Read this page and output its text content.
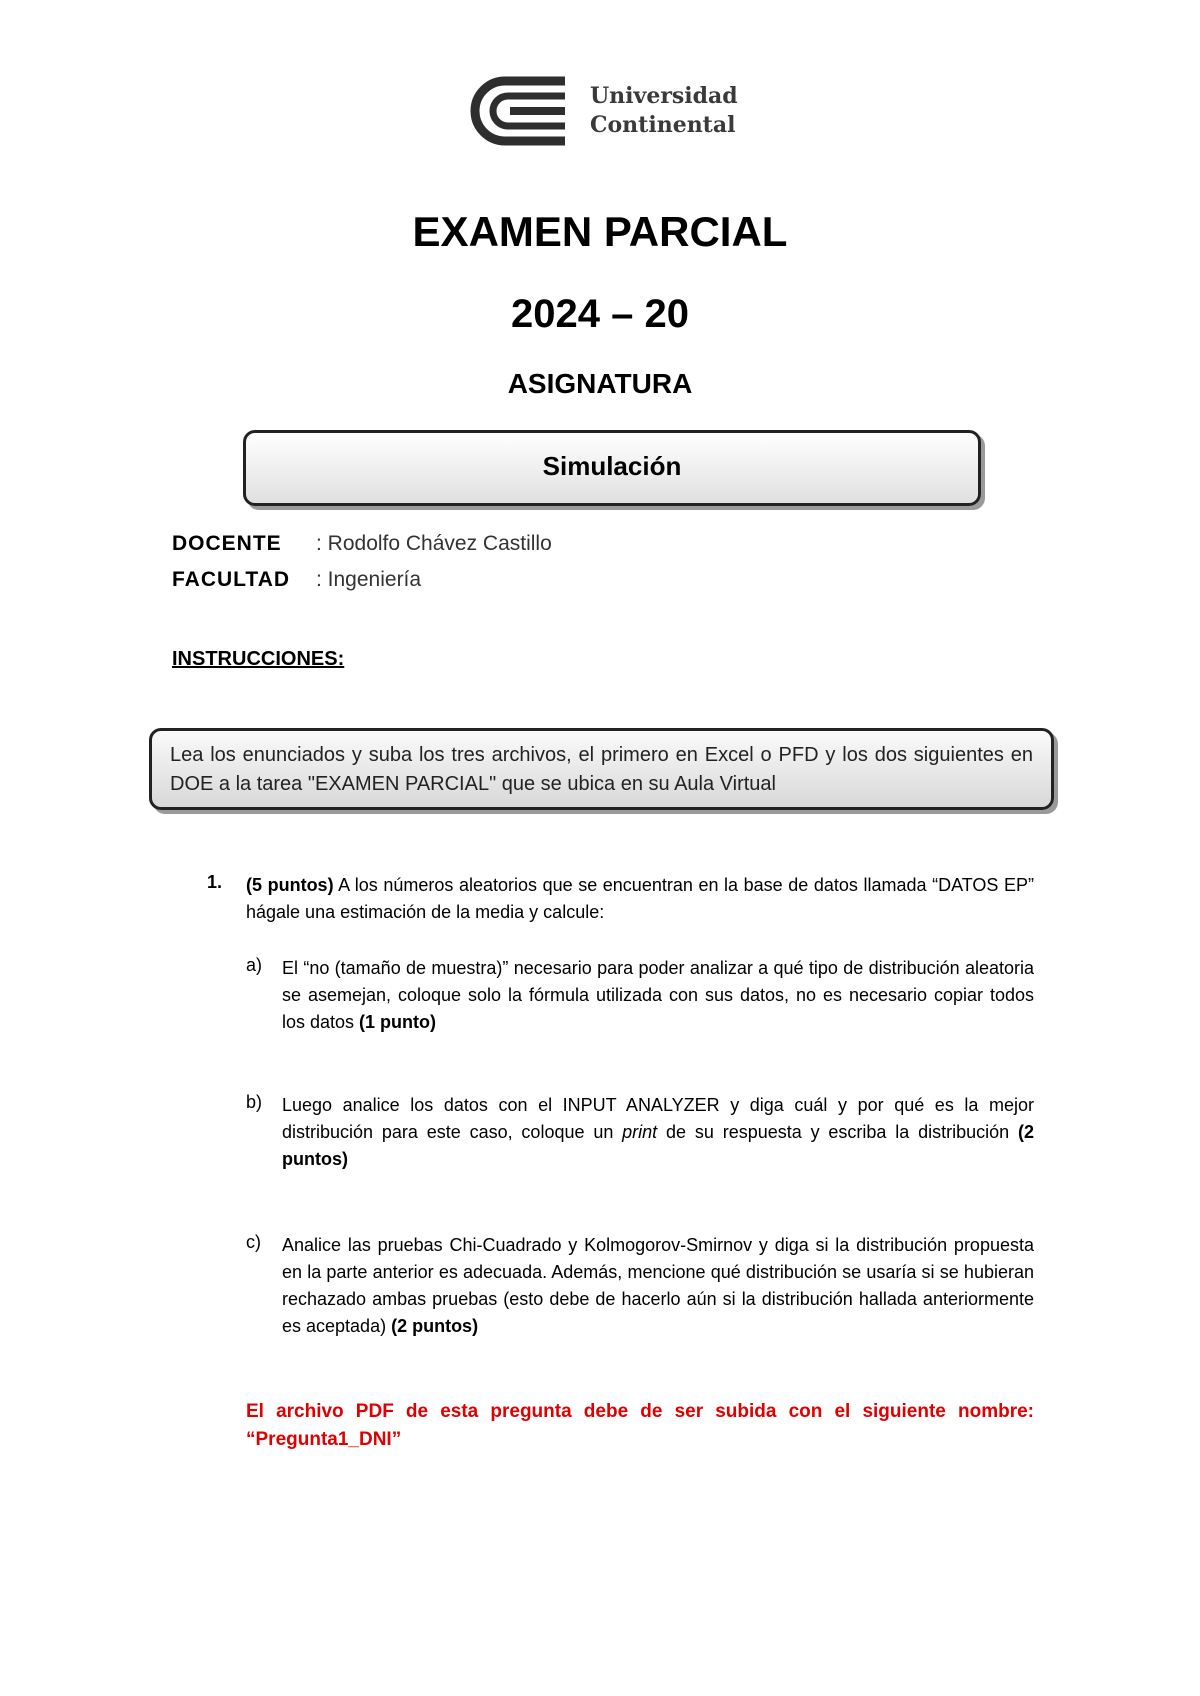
Universidad
Continental
EXAMEN PARCIAL
2024 – 20
ASIGNATURA
Simulación
DOCENTE : Rodolfo Chávez Castillo
FACULTAD : Ingeniería
INSTRUCCIONES:
Lea los enunciados y suba los tres archivos, el primero en Excel o PFD y los dos siguientes en DOE a la tarea "EXAMEN PARCIAL" que se ubica en su Aula Virtual
1. (5 puntos) A los números aleatorios que se encuentran en la base de datos llamada “DATOS EP” hágale una estimación de la media y calcule:
a) El “no (tamaño de muestra)” necesario para poder analizar a qué tipo de distribución aleatoria se asemejan, coloque solo la fórmula utilizada con sus datos, no es necesario copiar todos los datos (1 punto)
b) Luego analice los datos con el INPUT ANALYZER y diga cuál y por qué es la mejor distribución para este caso, coloque un print de su respuesta y escriba la distribución (2 puntos)
c) Analice las pruebas Chi-Cuadrado y Kolmogorov-Smirnov y diga si la distribución propuesta en la parte anterior es adecuada. Además, mencione qué distribución se usaría si se hubieran rechazado ambas pruebas (esto debe de hacerlo aún si la distribución hallada anteriormente es aceptada) (2 puntos)
El archivo PDF de esta pregunta debe de ser subida con el siguiente nombre: “Pregunta1_DNI”
